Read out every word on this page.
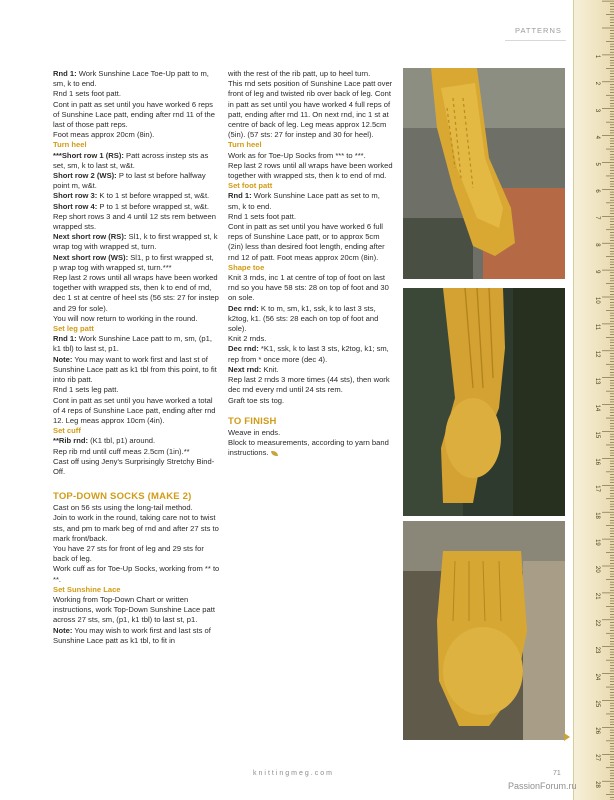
PATTERNS

Rnd 1: Work Sunshine Lace Toe-Up patt to m, sm, k to end.

Rnd 1 sets foot patt.

Cont in patt as set until you have worked 6 reps of Sunshine Lace patt, ending after rnd 11 of the last of those patt reps.

Foot meas approx 20cm (8in).

Turn heel

***Short row 1 (RS): Patt across instep sts as set, sm, k to last st, w&t.

Short row 2 (WS): P to last st before halfway point m, w&t.

Short row 3: K to 1 st before wrapped st, w&t.

Short row 4: P to 1 st before wrapped st, w&t.

Rep short rows 3 and 4 until 12 sts rem between wrapped sts.

Next short row (RS): Sl1, k to first wrapped st, k wrap tog with wrapped st, turn.

Next short row (WS): Sl1, p to first wrapped st, p wrap tog with wrapped st, turn.***

Rep last 2 rows until all wraps have been worked together with wrapped sts, then k to end of rnd, dec 1 st at centre of heel sts (56 sts: 27 for instep and 29 for sole).

You will now return to working in the round.

Set leg patt

Rnd 1: Work Sunshine Lace patt to m, sm, (p1, k1 tbl) to last st, p1.

Note: You may want to work first and last st of Sunshine Lace patt as k1 tbl from this point, to fit into rib patt.

Rnd 1 sets leg patt.

Cont in patt as set until you have worked a total of 4 reps of Sunshine Lace patt, ending after rnd 12. Leg meas approx 10cm (4in).

Set cuff

**Rib rnd: (K1 tbl, p1) around.

Rep rib rnd until cuff meas 2.5cm (1in).**

Cast off using Jeny's Surprisingly Stretchy Bind-Off.

TOP-DOWN SOCKS (MAKE 2)

Cast on 56 sts using the long-tail method.

Join to work in the round, taking care not to twist sts, and pm to mark beg of rnd and after 27 sts to mark front/back.

You have 27 sts for front of leg and 29 sts for back of leg.

Work cuff as for Toe-Up Socks, working from ** to **.

Set Sunshine Lace

Working from Top-Down Chart or written instructions, work Top-Down Sunshine Lace patt across 27 sts, sm, (p1, k1 tbl) to last st, p1.

Note: You may wish to work first and last sts of Sunshine Lace patt as k1 tbl, to fit in

with the rest of the rib patt, up to heel turn.

This rnd sets position of Sunshine Lace patt over front of leg and twisted rib over back of leg. Cont in patt as set until you have worked 4 full reps of patt, ending after rnd 11. On next rnd, inc 1 st at centre of back of leg. Leg meas approx 12.5cm (5in). (57 sts: 27 for instep and 30 for heel).

Turn heel

Work as for Toe-Up Socks from *** to ***.

Rep last 2 rows until all wraps have been worked together with wrapped sts, then k to end of rnd.

Set foot patt

Rnd 1: Work Sunshine Lace patt as set to m, sm, k to end.

Rnd 1 sets foot patt.

Cont in patt as set until you have worked 6 full reps of Sunshine Lace patt, or to approx 5cm (2in) less than desired foot length, ending after rnd 12 of patt. Foot meas approx 20cm (8in).

Shape toe

Knit 3 rnds, inc 1 at centre of top of foot on last rnd so you have 58 sts: 28 on top of foot and 30 on sole.

Dec rnd: K to m, sm, k1, ssk, k to last 3 sts, k2tog, k1. (56 sts: 28 each on top of foot and sole).

Knit 2 rnds.

Dec rnd: *K1, ssk, k to last 3 sts, k2tog, k1; sm, rep from * once more (dec 4).

Next rnd: Knit.

Rep last 2 rnds 3 more times (44 sts), then work dec rnd every rnd until 24 sts rem.

Graft toe sts tog.

TO FINISH

Weave in ends.

Block to measurements, according to yarn band instructions.

1
2
3
4
5
6
7
8
9
10
11
12
13
14
15
16
17
18
19
20
21
22
23
24
25
26
27
28
knittingmeg.com	71
PassionForum.ru
